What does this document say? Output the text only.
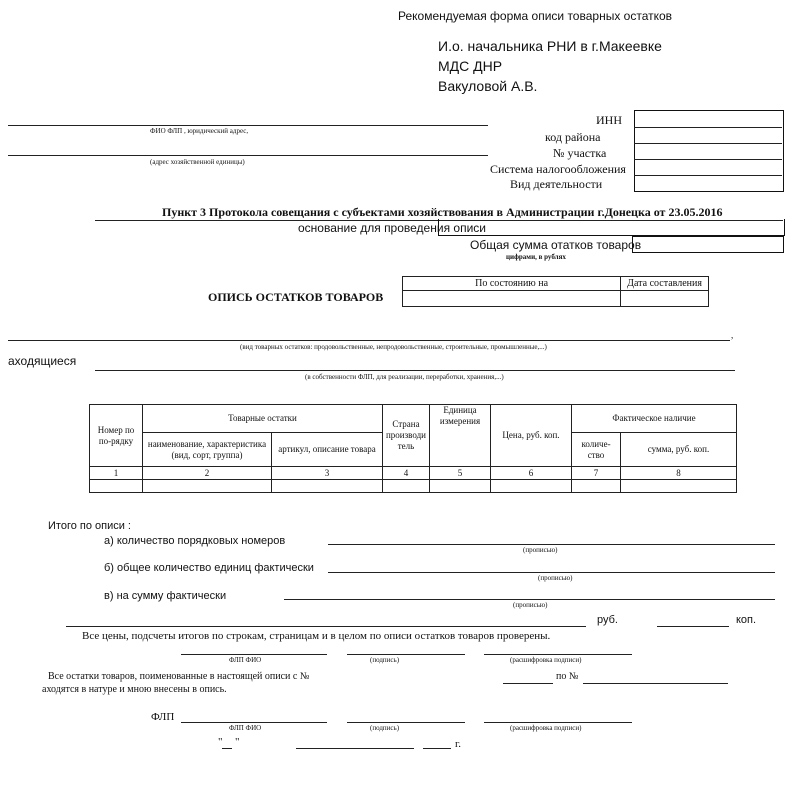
Рекомендуемая форма описи товарных остатков
И.о. начальника РНИ в г.Макеевке
МДС ДНР
Вакуловой А.В.
ФИО ФЛП , юридический адрес,
(адрес хозяйственной единицы)
ИНН
код района
№ участка
Система налогообложения
Вид деятельности
Пункт 3 Протокола совещания с субъектами хозяйствования в Администрации г.Донецка от 23.05.2016
основание для проведения описи
Общая сумма отатков товаров
цифрами, в рублях
ОПИСЬ ОСТАТКОВ ТОВАРОВ
По состоянию на	Дата составления

,
(вид товарных остатков: продовольственные, непродовольственные, строительные, промышленные,...)
аходящиеся
(в собственности ФЛП, для реализации, переработки, хранения,...)
Номер по по-рядку	Товарные остатки		Страна производи тель	Единица измерения	Цена, руб. коп.	Фактическое наличие	
	наименование, характеристика (вид, сорт, группа)	артикул, описание товара				количе-ство	сумма, руб. коп.
1	2	3	4	5	6	7	8

Итого по описи :
а) количество порядковых номеров
(прописью)
б) общее количество единиц фактически
(прописью)
в) на сумму фактически
(прописью)
руб.	коп.
Все цены, подсчеты итогов по строкам, страницам и в целом по описи остатков товаров проверены.
ФЛП ФИО	(подпись)	(расшифровка подписи)
Все остатки товаров, поименованные в настоящей описи с №	по №
аходятся в натуре и мною внесены в опись.
ФЛП
ФЛП ФИО	(подпись)	(расшифровка подписи)
" "	г.
